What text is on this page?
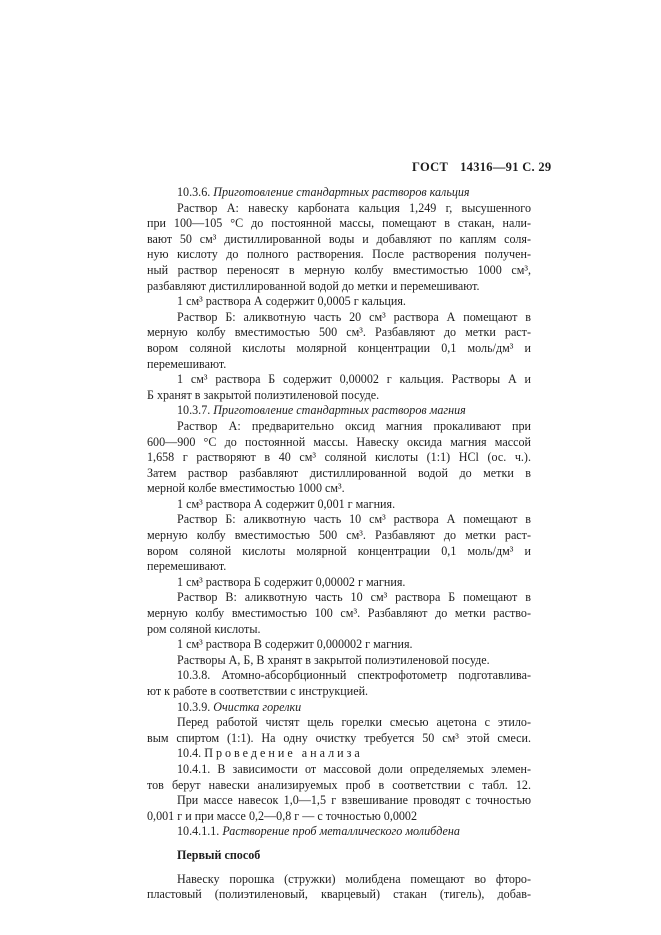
ГОСТ 14316—91 С. 29
10.3.6. Приготовление стандартных растворов кальция
Раствор А: навеску карбоната кальция 1,249 г, высушенного
при 100—105 °С до постоянной массы, помещают в стакан, нали-
вают 50 см³ дистиллированной воды и добавляют по каплям соля-
ную кислоту до полного растворения. После растворения получен-
ный раствор переносят в мерную колбу вместимостью 1000 см³,
разбавляют дистиллированной водой до метки и перемешивают.
1 см³ раствора А содержит 0,0005 г кальция.
Раствор Б: аликвотную часть 20 см³ раствора А помещают в
мерную колбу вместимостью 500 см³. Разбавляют до метки раст-
вором соляной кислоты молярной концентрации 0,1 моль/дм³ и
перемешивают.
1 см³ раствора Б содержит 0,00002 г кальция. Растворы А и
Б хранят в закрытой полиэтиленовой посуде.
10.3.7. Приготовление стандартных растворов магния
Раствор А: предварительно оксид магния прокаливают при
600—900 °С до постоянной массы. Навеску оксида магния массой
1,658 г растворяют в 40 см³ соляной кислоты (1:1) НСl (ос. ч.).
Затем раствор разбавляют дистиллированной водой до метки в
мерной колбе вместимостью 1000 см³.
1 см³ раствора А содержит 0,001 г магния.
Раствор Б: аликвотную часть 10 см³ раствора А помещают в
мерную колбу вместимостью 500 см³. Разбавляют до метки раст-
вором соляной кислоты молярной концентрации 0,1 моль/дм³ и
перемешивают.
1 см³ раствора Б содержит 0,00002 г магния.
Раствор В: аликвотную часть 10 см³ раствора Б помещают в
мерную колбу вместимостью 100 см³. Разбавляют до метки раство-
ром соляной кислоты.
1 см³ раствора В содержит 0,000002 г магния.
Растворы А, Б, В хранят в закрытой полиэтиленовой посуде.
10.3.8. Атомно-абсорбционный спектрофотометр подготавлива-
ют к работе в соответствии с инструкцией.
10.3.9. Очистка горелки
Перед работой чистят щель горелки смесью ацетона с этило-
вым спиртом (1:1). На одну очистку требуется 50 см³ этой смеси.
10.4. Проведение анализа
10.4.1. В зависимости от массовой доли определяемых элемен-
тов берут навески анализируемых проб в соответствии с табл. 12.
При массе навесок 1,0—1,5 г взвешивание проводят с точностью
0,001 г и при массе 0,2—0,8 г — с точностью 0,0002
10.4.1.1. Растворение проб металлического молибдена
Первый способ
Навеску порошка (стружки) молибдена помещают во фторо-
пластовый (полиэтиленовый, кварцевый) стакан (тигель), добав-
